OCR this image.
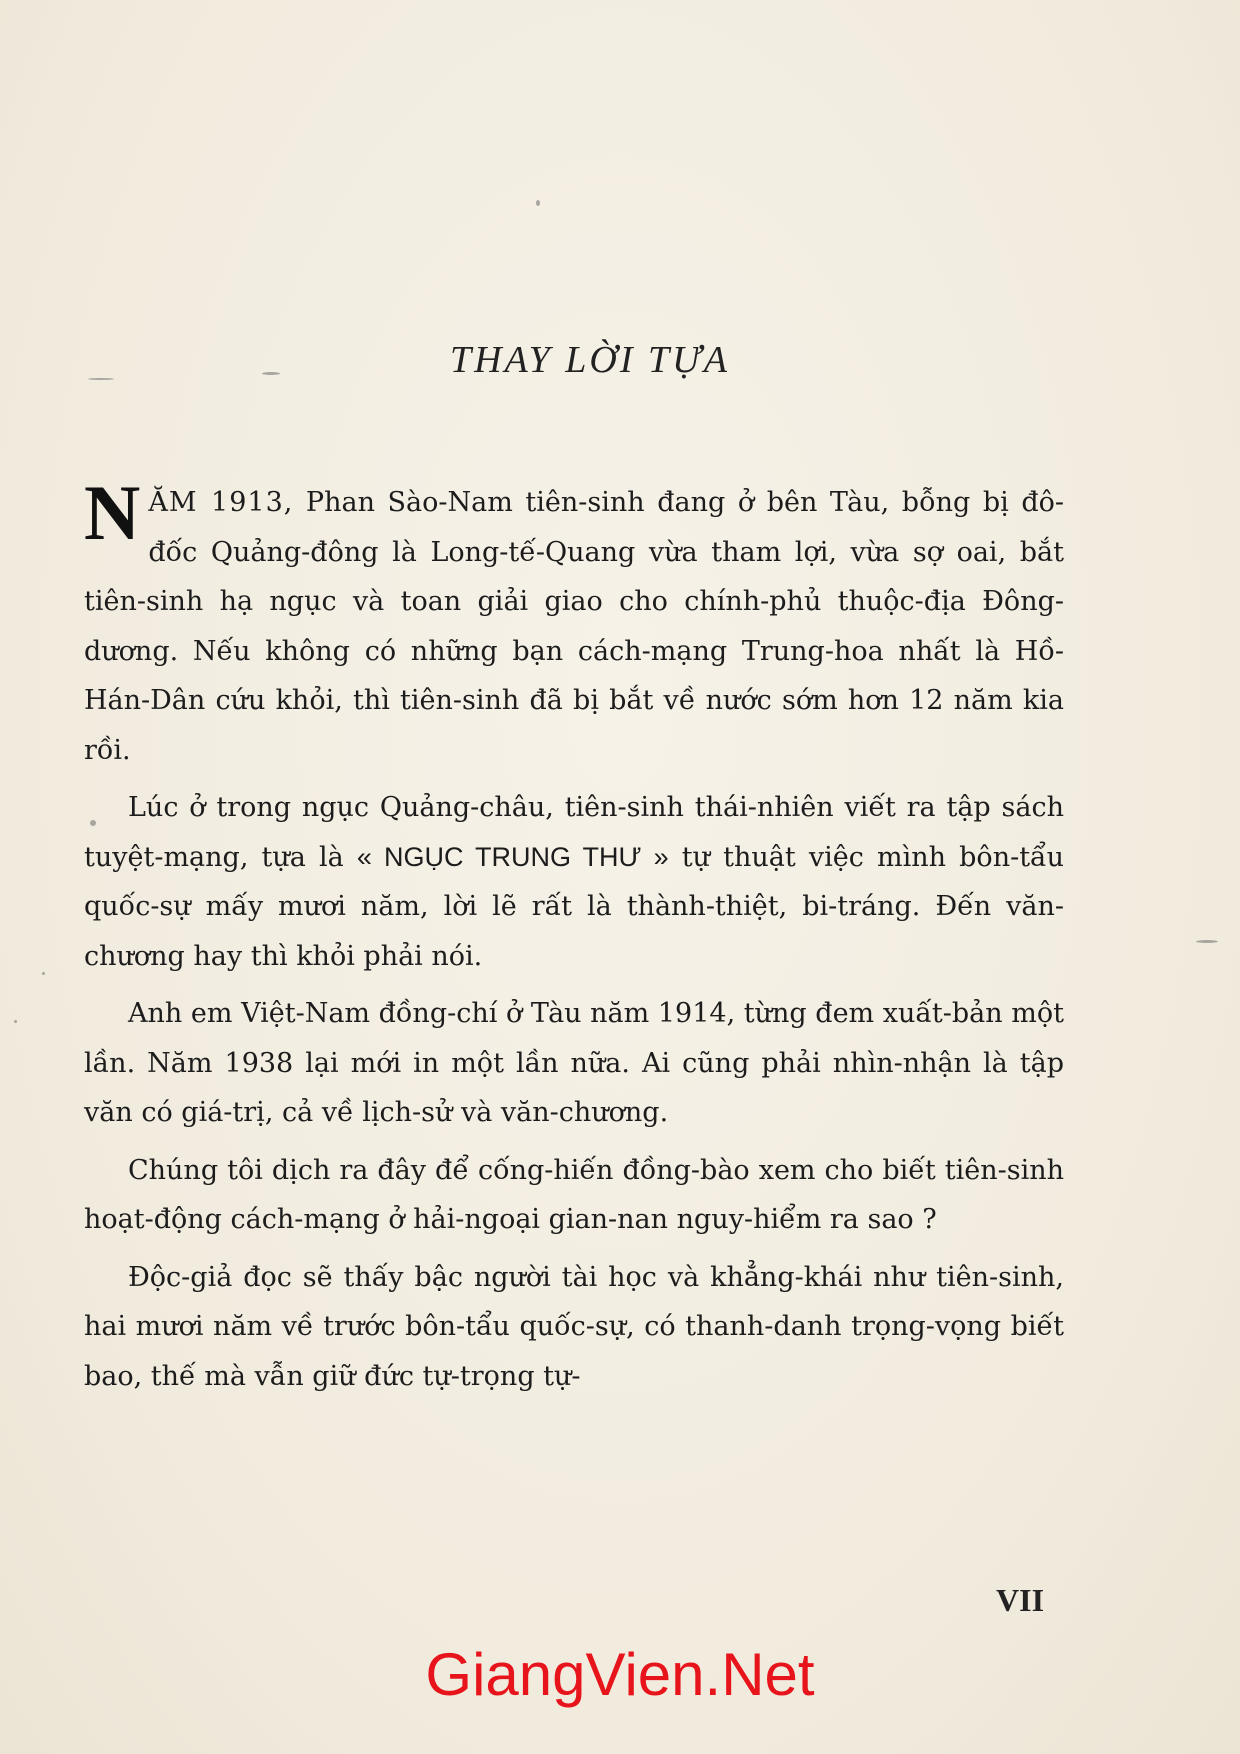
THAY LỜI TỰA

NĂM 1913, Phan Sào-Nam tiên-sinh đang ở bên Tàu, bỗng bị đô-đốc Quảng-đông là Long-tế-Quang vừa tham lợi, vừa sợ oai, bắt tiên-sinh hạ ngục và toan giải giao cho chính-phủ thuộc-địa Đông-dương. Nếu không có những bạn cách-mạng Trung-hoa nhất là Hồ-Hán-Dân cứu khỏi, thì tiên-sinh đã bị bắt về nước sớm hơn 12 năm kia rồi.

Lúc ở trong ngục Quảng-châu, tiên-sinh thái-nhiên viết ra tập sách tuyệt-mạng, tựa là « NGỤC TRUNG THƯ » tự thuật việc mình bôn-tẩu quốc-sự mấy mươi năm, lời lẽ rất là thành-thiệt, bi-tráng. Đến văn-chương hay thì khỏi phải nói.

Anh em Việt-Nam đồng-chí ở Tàu năm 1914, từng đem xuất-bản một lần. Năm 1938 lại mới in một lần nữa. Ai cũng phải nhìn-nhận là tập văn có giá-trị, cả về lịch-sử và văn-chương.

Chúng tôi dịch ra đây để cống-hiến đồng-bào xem cho biết tiên-sinh hoạt-động cách-mạng ở hải-ngoại gian-nan nguy-hiểm ra sao ?

Độc-giả đọc sẽ thấy bậc người tài học và khẳng-khái như tiên-sinh, hai mươi năm về trước bôn-tẩu quốc-sự, có thanh-danh trọng-vọng biết bao, thế mà vẫn giữ đức tự-trọng tự-

VII
GiangVien.Net
